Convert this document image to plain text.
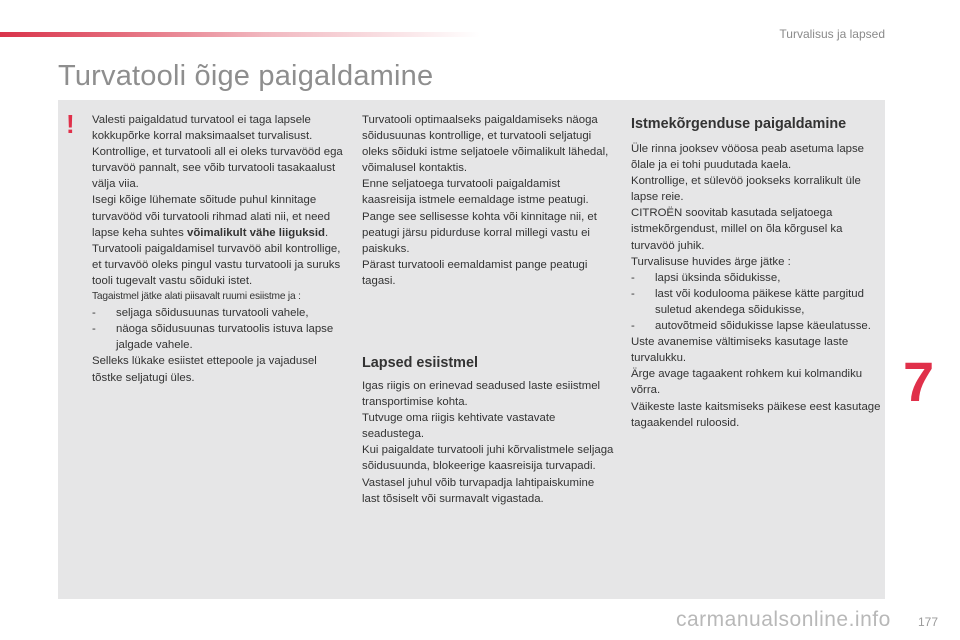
Turvalisus ja lapsed
Turvatooli õige paigaldamine
! Valesti paigaldatud turvatool ei taga lapsele kokkupõrke korral maksimaalset turvalisust.

Kontrollige, et turvatooli all ei oleks turvavööd ega turvavöö pannalt, see võib turvatooli tasakaalust välja viia.

Isegi kõige lühemate sõitude puhul kinnitage turvavööd või turvatooli rihmad alati nii, et need lapse keha suhtes võimalikult vähe liiguksid.

Turvatooli paigaldamisel turvavöö abil kontrollige, et turvavöö oleks pingul vastu turvatooli ja suruks tooli tugevalt vastu sõiduki istet.

Tagaistmel jätke alati piisavalt ruumi esiistme ja :

-	seljaga sõidusuunas turvatooli vahele,
-	näoga sõidusuunas turvatoolis istuva lapse jalgade vahele.

Selleks lükake esiistet ettepoole ja vajadusel tõstke seljatugi üles.

Turvatooli optimaalseks paigaldamiseks näoga sõidusuunas kontrollige, et turvatooli seljatugi oleks sõiduki istme seljatoele võimalikult lähedal, võimalusel kontaktis.

Enne seljatoega turvatooli paigaldamist kaasreisija istmele eemaldage istme peatugi. Pange see sellisesse kohta või kinnitage nii, et peatugi järsu pidurduse korral millegi vastu ei paiskuks.

Pärast turvatooli eemaldamist pange peatugi tagasi.

Lapsed esiistmel

Igas riigis on erinevad seadused laste esiistmel transportimise kohta.

Tutvuge oma riigis kehtivate vastavate seadustega.

Kui paigaldate turvatooli juhi kõrvalistmele seljaga sõidusuunda, blokeerige kaasreisija turvapadi.

Vastasel juhul võib turvapadja lahtipaiskumine last tõsiselt või surmavalt vigastada.

Istmekõrgenduse paigaldamine

Üle rinna jooksev vööosa peab asetuma lapse õlale ja ei tohi puudutada kaela.

Kontrollige, et sülevöö jookseks korralikult üle lapse reie.

CITROËN soovitab kasutada seljatoega istmekõrgendust, millel on õla kõrgusel ka turvavöö juhik.

Turvalisuse huvides ärge jätke :

-	lapsi üksinda sõidukisse,
-	last või kodulooma päikese kätte pargitud suletud akendega sõidukisse,
-	autovõtmeid sõidukisse lapse käeulatusse.

Uste avanemise vältimiseks kasutage laste turvalukku.

Ärge avage tagaakent rohkem kui kolmandiku võrra.

Väikeste laste kaitsmiseks päikese eest kasutage tagaakendel ruloosid.

7
carmanualsonline.info 177
